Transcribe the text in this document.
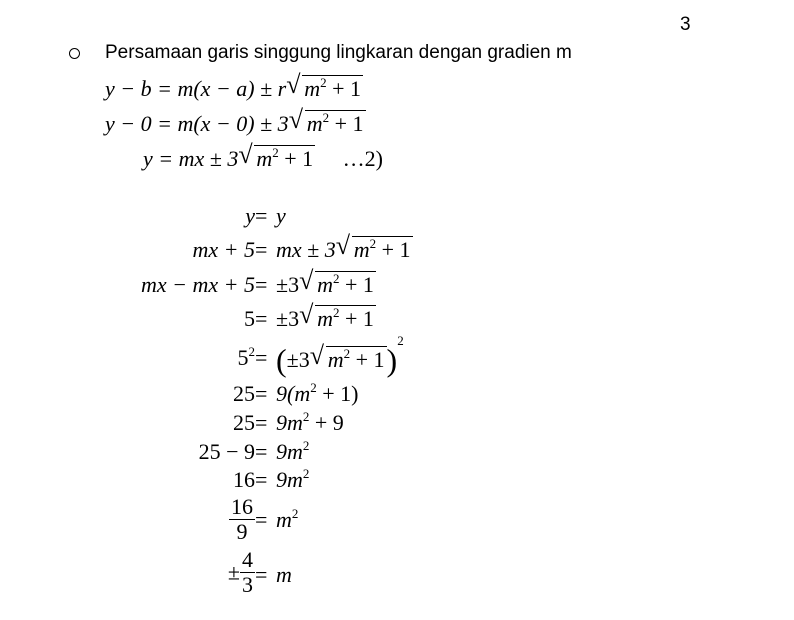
3
Persamaan garis singgung lingkaran dengan gradien m
y − b = m(x − a) ± r √ $m^2 + 1$
y − 0 = m(x − 0) ± 3 √ $m^2 + 1$
y = mx ± 3 √ $m^2 + 1$ …2)
y = y
mx + 5 = mx ± 3 √ $m^2 + 1$
mx − mx + 5 = ±3 √ $m^2 + 1$
5 = ±3 √ $m^2 + 1$
$5^2 = (\pm 3$ √ $m^2 + 1)^2$
$25 = 9(m^2 + 1)$
$25 = 9m^2 + 9$
$25 - 9 = 9m^2$
$16 = 9m^2$
$\frac{16}{9} = m^2$
± $\frac{4}{3} = m$
